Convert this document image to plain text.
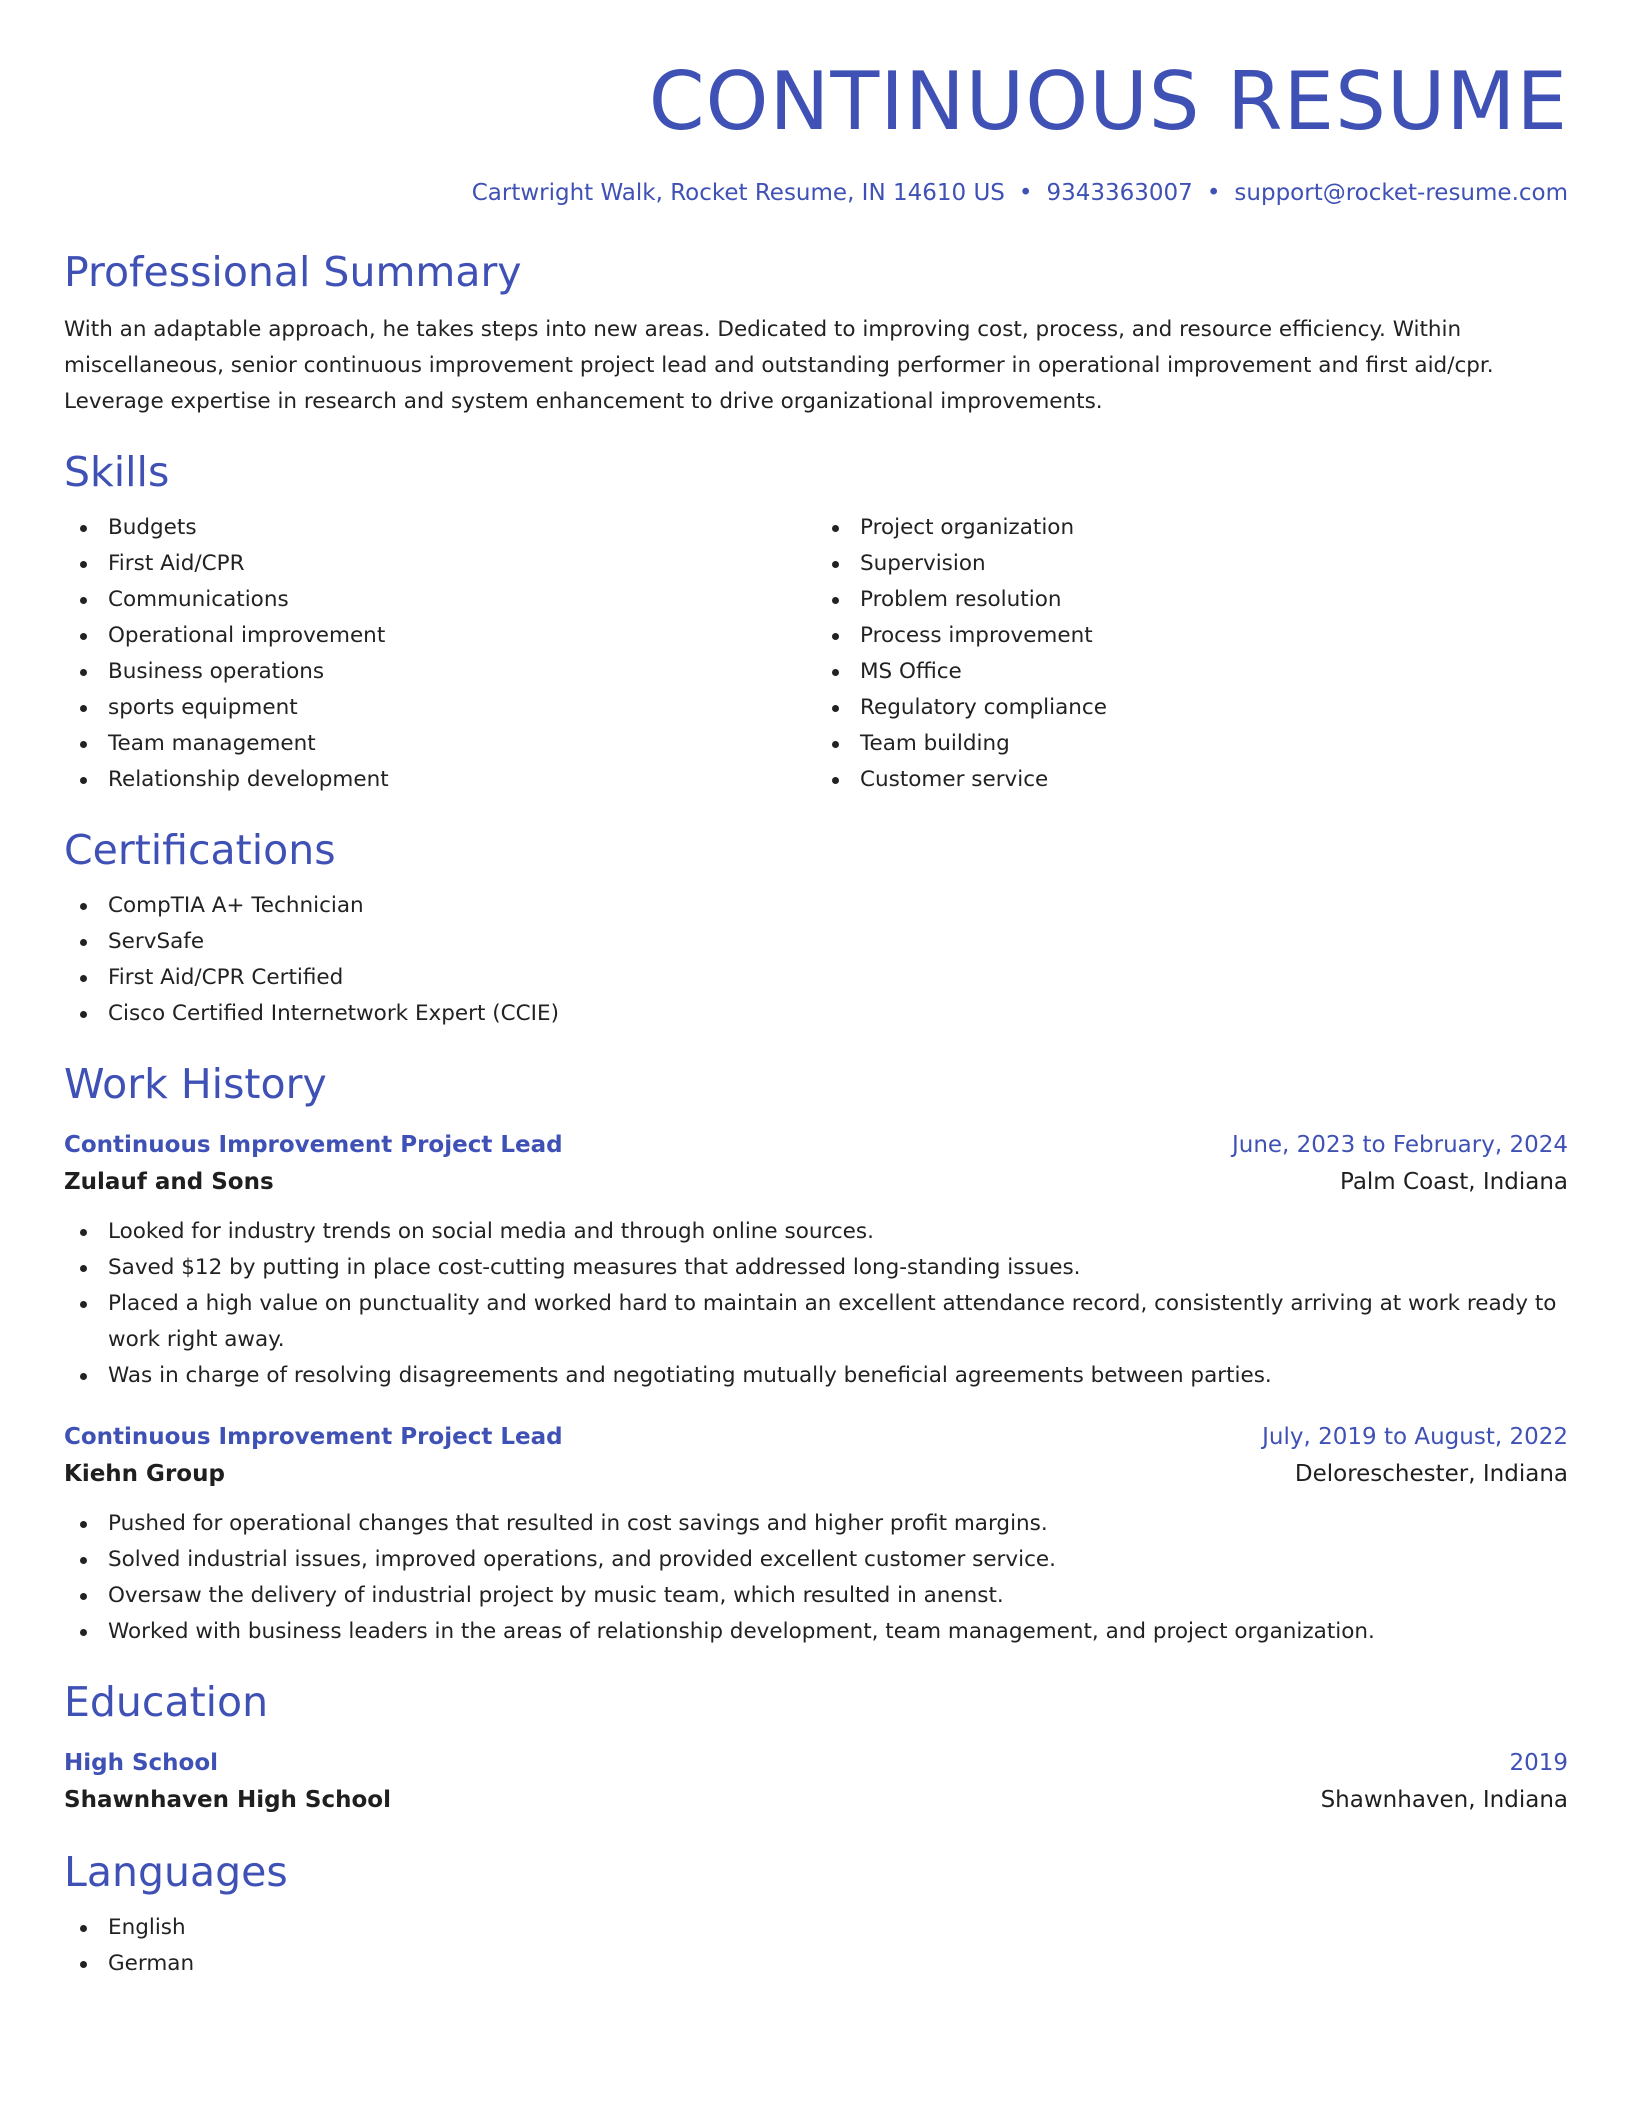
CONTINUOUS RESUME
Cartwright Walk, Rocket Resume, IN 14610 US • 9343363007 • support@rocket-resume.com
Professional Summary

With an adaptable approach, he takes steps into new areas. Dedicated to improving cost, process, and resource efficiency. Within miscellaneous, senior continuous improvement project lead and outstanding performer in operational improvement and first aid/cpr. Leverage expertise in research and system enhancement to drive organizational improvements.

Skills
Budgets
First Aid/CPR
Communications
Operational improvement
Business operations
sports equipment
Team management
Relationship development
Project organization
Supervision
Problem resolution
Process improvement
MS Office
Regulatory compliance
Team building
Customer service
Certifications
CompTIA A+ Technician
ServSafe
First Aid/CPR Certified
Cisco Certified Internetwork Expert (CCIE)
Work History
Continuous Improvement Project Lead	June, 2023 to February, 2024
Zulauf and Sons	Palm Coast, Indiana
Looked for industry trends on social media and through online sources.
Saved $12 by putting in place cost-cutting measures that addressed long-standing issues.
Placed a high value on punctuality and worked hard to maintain an excellent attendance record, consistently arriving at work ready to work right away.
Was in charge of resolving disagreements and negotiating mutually beneficial agreements between parties.
Continuous Improvement Project Lead	July, 2019 to August, 2022
Kiehn Group	Deloreschester, Indiana
Pushed for operational changes that resulted in cost savings and higher profit margins.
Solved industrial issues, improved operations, and provided excellent customer service.
Oversaw the delivery of industrial project by music team, which resulted in anenst.
Worked with business leaders in the areas of relationship development, team management, and project organization.
Education
High School	2019
Shawnhaven High School	Shawnhaven, Indiana
Languages
English
German
